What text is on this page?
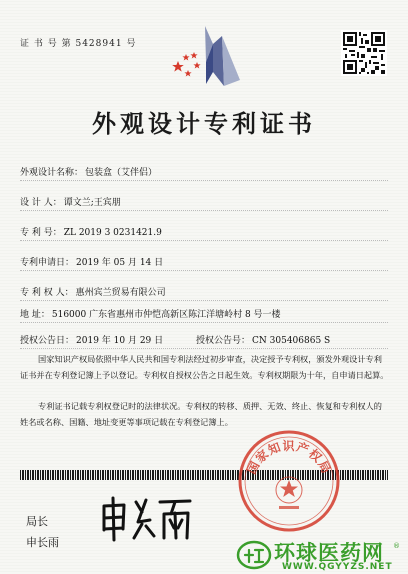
证 书 号 第 5428941 号
外观设计专利证书
外观设计名称： 包装盒（艾伴侣）
设 计 人： 谭文兰;王宾朋
专 利 号： ZL 2019 3 0231421.9
专利申请日： 2019 年 05 月 14 日
专 利 权 人： 惠州宾兰贸易有限公司
地 址： 516000 广东省惠州市仲恺高新区陈江洋塘岭村 8 号一楼
授权公告日： 2019 年 10 月 29 日	授权公告号： CN 305406865 S
国家知识产权局依照中华人民共和国专利法经过初步审查，决定授予专利权，颁发外观设计专利证书并在专利登记簿上予以登记。专利权自授权公告之日起生效。专利权期限为十年，自申请日起算。
专利证书记载专利权登记时的法律状况。专利权的转移、质押、无效、终止、恢复和专利权人的姓名或名称、国籍、地址变更等事项记载在专利登记簿上。
国家知识产权局
局长
申长雨	环球医药网
WWW.QGYYZS.NET
®
